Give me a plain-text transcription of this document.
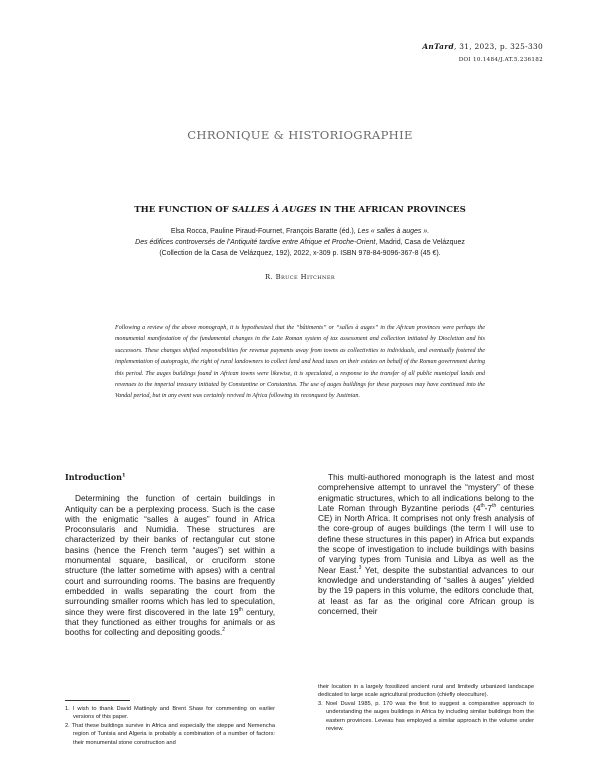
AnTard, 31, 2023, p. 325-330
DOI 10.1484/J.AT.5.236182
CHRONIQUE & HISTORIOGRAPHIE
THE FUNCTION OF SALLES À AUGES IN THE AFRICAN PROVINCES
Elsa Rocca, Pauline Piraud-Fournet, François Baratte (éd.), Les « salles à auges ».
Des édifices controversés de l’Antiquité tardive entre Afrique et Proche-Orient, Madrid, Casa de Velázquez
(Collection de la Casa de Velázquez, 192), 2022, x-309 p. ISBN 978-84-9096-367-8 (45 €).
R. Bruce Hitchner
Following a review of the above monograph, it is hypothesized that the “bâtiments” or “salles à auges” in the African provinces were perhaps the monumental manifestation of the fundamental changes in the Late Roman system of tax assessment and collection initiated by Diocletian and his successors. These changes shifted responsibilities for revenue payments away from towns as collectivities to individuals, and eventually fostered the implementation of autopragia, the right of rural landowners to collect land and head taxes on their estates on behalf of the Roman government during this period. The auges buildings found in African towns were likewise, it is speculated, a response to the transfer of all public municipal lands and revenues to the imperial treasury initiated by Constantine or Constantius. The use of auges buildings for these purposes may have continued into the Vandal period, but in any event was certainly revived in Africa following its reconquest by Justinian.
Introduction$^1$

Determining the function of certain buildings in Antiquity can be a perplexing process. Such is the case with the enigmatic “salles à auges” found in Africa Proconsularis and Numidia. These structures are characterized by their banks of rectangular cut stone basins (hence the French term “auges”) set within a monumental square, basilical, or cruciform stone structure (the latter sometime with apses) with a central court and surrounding rooms. The basins are frequently embedded in walls separating the court from the surrounding smaller rooms which has led to speculation, since they were first discovered in the late 19th century, that they functioned as either troughs for animals or as booths for collecting and depositing goods.$^2$

This multi-authored monograph is the latest and most comprehensive attempt to unravel the “mystery” of these enigmatic structures, which to all indications belong to the Late Roman through Byzantine periods (4th-7th centuries CE) in North Africa. It comprises not only fresh analysis of the core-group of auges buildings (the term I will use to define these structures in this paper) in Africa but expands the scope of investigation to include buildings with basins of varying types from Tunisia and Libya as well as the Near East.$^3$ Yet, despite the substantial advances to our knowledge and understanding of “salles à auges” yielded by the 19 papers in this volume, the editors conclude that, at least as far as the original core African group is concerned, their

1. I wish to thank David Mattingly and Brent Shaw for commenting on earlier versions of this paper.

2. That these buildings survive in Africa and especially the steppe and Nemencha region of Tunisia and Algeria is probably a combination of a number of factors: their monumental stone construction and

their location in a largely fossilized ancient rural and limitedly urbanized landscape dedicated to large scale agricultural production (chiefly oleoculture).

3. Noel Duval 1985, p. 170 was the first to suggest a comparative approach to understanding the auges buildings in Africa by including similar buildings from the eastern provinces. Leveau has employed a similar approach in the volume under review.
